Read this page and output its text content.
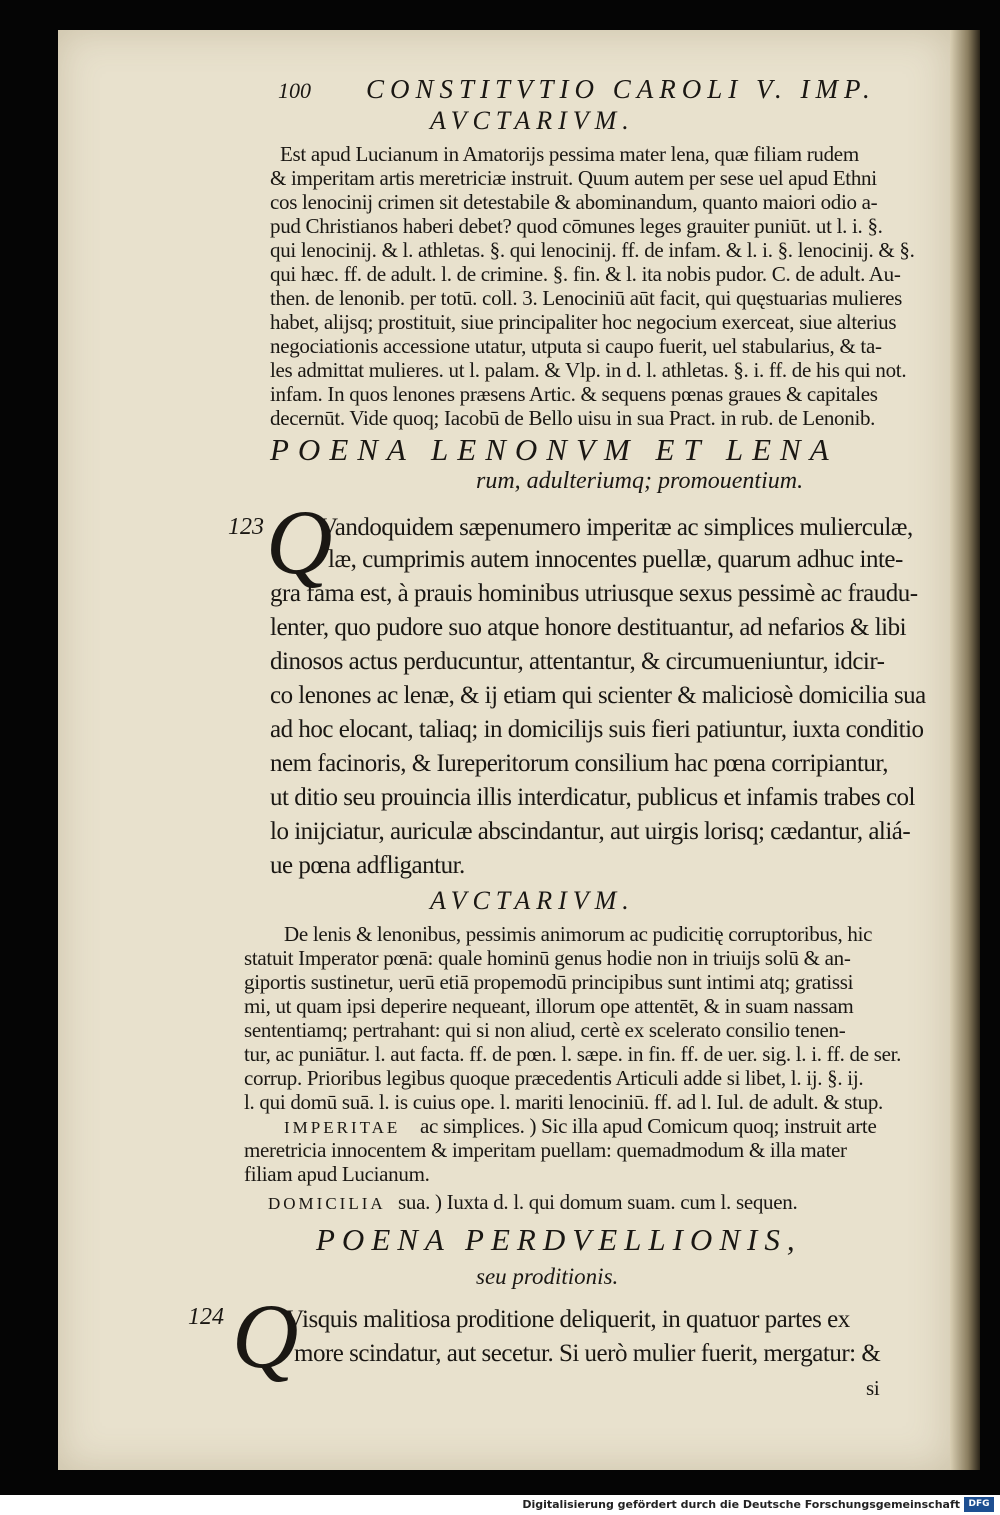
100 CONSTITVTIO CAROLI V. IMP.
AVCTARIVM.
Est apud Lucianum in Amatorijs pessima mater lena, quæ filiam rudem
& imperitam artis meretriciæ instruit. Quum autem per sese uel apud Ethni
cos lenocinij crimen sit detestabile & abominandum, quanto maiori odio a-
pud Christianos haberi debet? quod cōmunes leges grauiter puniūt. ut l. i. §.
qui lenocinij. & l. athletas. §. qui lenocinij. ff. de infam. & l. i. §. lenocinij. & §.
qui hæc. ff. de adult. l. de crimine. §. fin. & l. ita nobis pudor. C. de adult. Au-
then. de lenonib. per totū. coll. 3. Lenociniū aūt facit, qui quęstuarias mulieres
habet, alijsq; prostituit, siue principaliter hoc negocium exerceat, siue alterius
negociationis accessione utatur, utputa si caupo fuerit, uel stabularius, & ta-
les admittat mulieres. ut l. palam. & Vlp. in d. l. athletas. §. i. ff. de his qui not.
infam. In quos lenones præsens Artic. & sequens pœnas graues & capitales
decernūt. Vide quoq; Iacobū de Bello uisu in sua Pract. in rub. de Lenonib.
POENA LENONVM ET LENA
rum, adulteriumq; promouentium.
123 Q
Vandoquidem sæpenumero imperitæ ac simplices mulierculæ,
læ, cumprimis autem innocentes puellæ, quarum adhuc inte-
gra fama est, à prauis hominibus utriusque sexus pessimè ac fraudu-
lenter, quo pudore suo atque honore destituantur, ad nefarios & libi
dinosos actus perducuntur, attentantur, & circumueniuntur, idcir-
co lenones ac lenæ, & ij etiam qui scienter & maliciosè domicilia sua
ad hoc elocant, taliaq; in domicilijs suis fieri patiuntur, iuxta conditio
nem facinoris, & Iureperitorum consilium hac pœna corripiantur,
ut ditio seu prouincia illis interdicatur, publicus et infamis trabes col
lo inijciatur, auriculæ abscindantur, aut uirgis lorisq; cædantur, aliá-
ue pœna adfligantur.
AVCTARIVM.
De lenis & lenonibus, pessimis animorum ac pudicitię corruptoribus, hic
statuit Imperator pœnā: quale hominū genus hodie non in triuijs solū & an-
giportis sustinetur, uerū etiā propemodū principibus sunt intimi atq; gratissi
mi, ut quam ipsi deperire nequeant, illorum ope attentēt, & in suam nassam
sententiamq; pertrahant: qui si non aliud, certè ex scelerato consilio tenen-
tur, ac puniātur. l. aut facta. ff. de pœn. l. sæpe. in fin. ff. de uer. sig. l. i. ff. de ser.
corrup. Prioribus legibus quoque præcedentis Articuli adde si libet, l. ij. §. ij.
l. qui domū suā. l. is cuius ope. l. mariti lenociniū. ff. ad l. Iul. de adult. & stup.
IMPERITAE ac simplices. ) Sic illa apud Comicum quoq; instruit arte
meretricia innocentem & imperitam puellam: quemadmodum & illa mater
filiam apud Lucianum.
DOMICILIA sua. ) Iuxta d. l. qui domum suam. cum l. sequen.
POENA PERDVELLIONIS,
seu proditionis.
124 Q
Visquis malitiosa proditione deliquerit, in quatuor partes ex
more scindatur, aut secetur. Si uerò mulier fuerit, mergatur: &
si
Digitalisierung gefördert durch die Deutsche Forschungsgemeinschaft DFG
